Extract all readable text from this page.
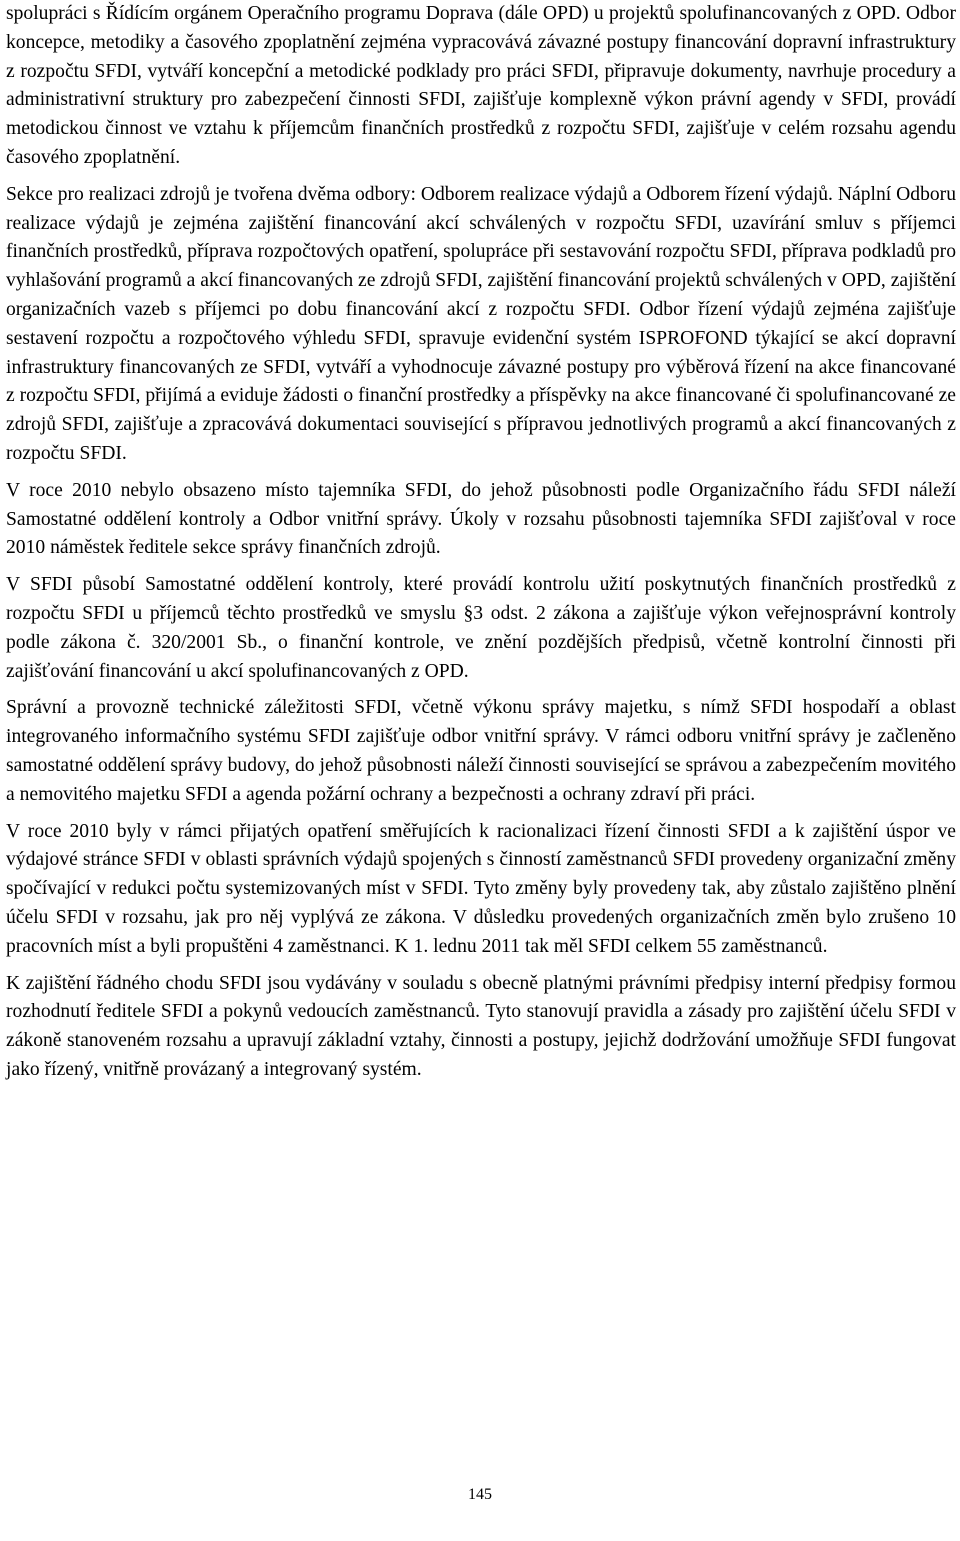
spolupráci s Řídícím orgánem Operačního programu Doprava (dále OPD) u projektů spolufinancovaných z OPD. Odbor koncepce, metodiky a časového zpoplatnění zejména vypracovává závazné postupy financování dopravní infrastruktury z rozpočtu SFDI, vytváří koncepční a metodické podklady pro práci SFDI, připravuje dokumenty, navrhuje procedury a administrativní struktury pro zabezpečení činnosti SFDI, zajišťuje komplexně výkon právní agendy v SFDI, provádí metodickou činnost ve vztahu k příjemcům finančních prostředků z rozpočtu SFDI, zajišťuje v celém rozsahu agendu časového zpoplatnění.

Sekce pro realizaci zdrojů je tvořena dvěma odbory: Odborem realizace výdajů a Odborem řízení výdajů. Náplní Odboru realizace výdajů je zejména zajištění financování akcí schválených v rozpočtu SFDI, uzavírání smluv s příjemci finančních prostředků, příprava rozpočtových opatření, spolupráce při sestavování rozpočtu SFDI, příprava podkladů pro vyhlašování programů a akcí financovaných ze zdrojů SFDI, zajištění financování projektů schválených v OPD, zajištění organizačních vazeb s příjemci po dobu financování akcí z rozpočtu SFDI. Odbor řízení výdajů zejména zajišťuje sestavení rozpočtu a rozpočtového výhledu SFDI, spravuje evidenční systém ISPROFOND týkající se akcí dopravní infrastruktury financovaných ze SFDI, vytváří a vyhodnocuje závazné postupy pro výběrová řízení na akce financované z rozpočtu SFDI, přijímá a eviduje žádosti o finanční prostředky a příspěvky na akce financované či spolufinancované ze zdrojů SFDI, zajišťuje a zpracovává dokumentaci související s přípravou jednotlivých programů a akcí financovaných z rozpočtu SFDI.

V roce 2010 nebylo obsazeno místo tajemníka SFDI, do jehož působnosti podle Organizačního řádu SFDI náleží Samostatné oddělení kontroly a Odbor vnitřní správy. Úkoly v rozsahu působnosti tajemníka SFDI zajišťoval v roce 2010 náměstek ředitele sekce správy finančních zdrojů.

V SFDI působí Samostatné oddělení kontroly, které provádí kontrolu užití poskytnutých finančních prostředků z rozpočtu SFDI u příjemců těchto prostředků ve smyslu §3 odst. 2 zákona a zajišťuje výkon veřejnosprávní kontroly podle zákona č. 320/2001 Sb., o finanční kontrole, ve znění pozdějších předpisů, včetně kontrolní činnosti při zajišťování financování u akcí spolufinancovaných z OPD.

Správní a provozně technické záležitosti SFDI, včetně výkonu správy majetku, s nímž SFDI hospodaří a oblast integrovaného informačního systému SFDI zajišťuje odbor vnitřní správy. V rámci odboru vnitřní správy je začleněno samostatné oddělení správy budovy, do jehož působnosti náleží činnosti související se správou a zabezpečením movitého a nemovitého majetku SFDI a agenda požární ochrany a bezpečnosti a ochrany zdraví při práci.

V roce 2010 byly v rámci přijatých opatření směřujících k racionalizaci řízení činnosti SFDI a k zajištění úspor ve výdajové stránce SFDI v oblasti správních výdajů spojených s činností zaměstnanců SFDI provedeny organizační změny spočívající v redukci počtu systemizovaných míst v SFDI. Tyto změny byly provedeny tak, aby zůstalo zajištěno plnění účelu SFDI v rozsahu, jak pro něj vyplývá ze zákona. V důsledku provedených organizačních změn bylo zrušeno 10 pracovních míst a byli propuštěni 4 zaměstnanci. K 1. lednu 2011 tak měl SFDI celkem 55 zaměstnanců.

K zajištění řádného chodu SFDI jsou vydávány v souladu s obecně platnými právními předpisy interní předpisy formou rozhodnutí ředitele SFDI a pokynů vedoucích zaměstnanců. Tyto stanovují pravidla a zásady pro zajištění účelu SFDI v zákoně stanoveném rozsahu a upravují základní vztahy, činnosti a postupy, jejichž dodržování umožňuje SFDI fungovat jako řízený, vnitřně provázaný a integrovaný systém.

145
